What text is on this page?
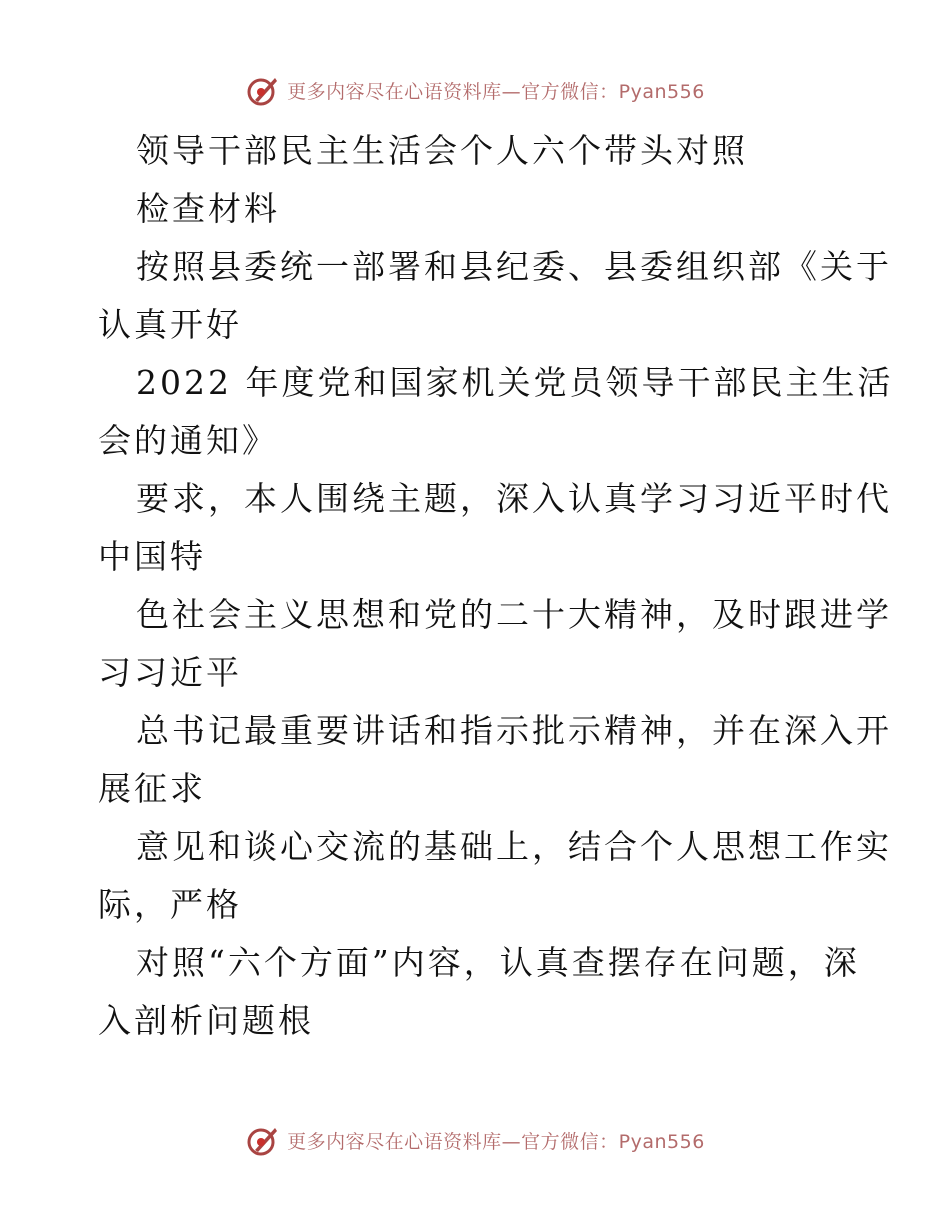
更多内容尽在心语资料库—官方微信：Pyan556
领导干部民主生活会个人六个带头对照
检查材料
按照县委统一部署和县纪委、县委组织部《关于
认真开好
2022 年度党和国家机关党员领导干部民主生活
会的通知》
要求，本人围绕主题，深入认真学习习近平时代
中国特
色社会主义思想和党的二十大精神，及时跟进学
习习近平
总书记最重要讲话和指示批示精神，并在深入开
展征求
意见和谈心交流的基础上，结合个人思想工作实
际，严格
对照“六个方面”内容，认真查摆存在问题，深
入剖析问题根
更多内容尽在心语资料库—官方微信：Pyan556
